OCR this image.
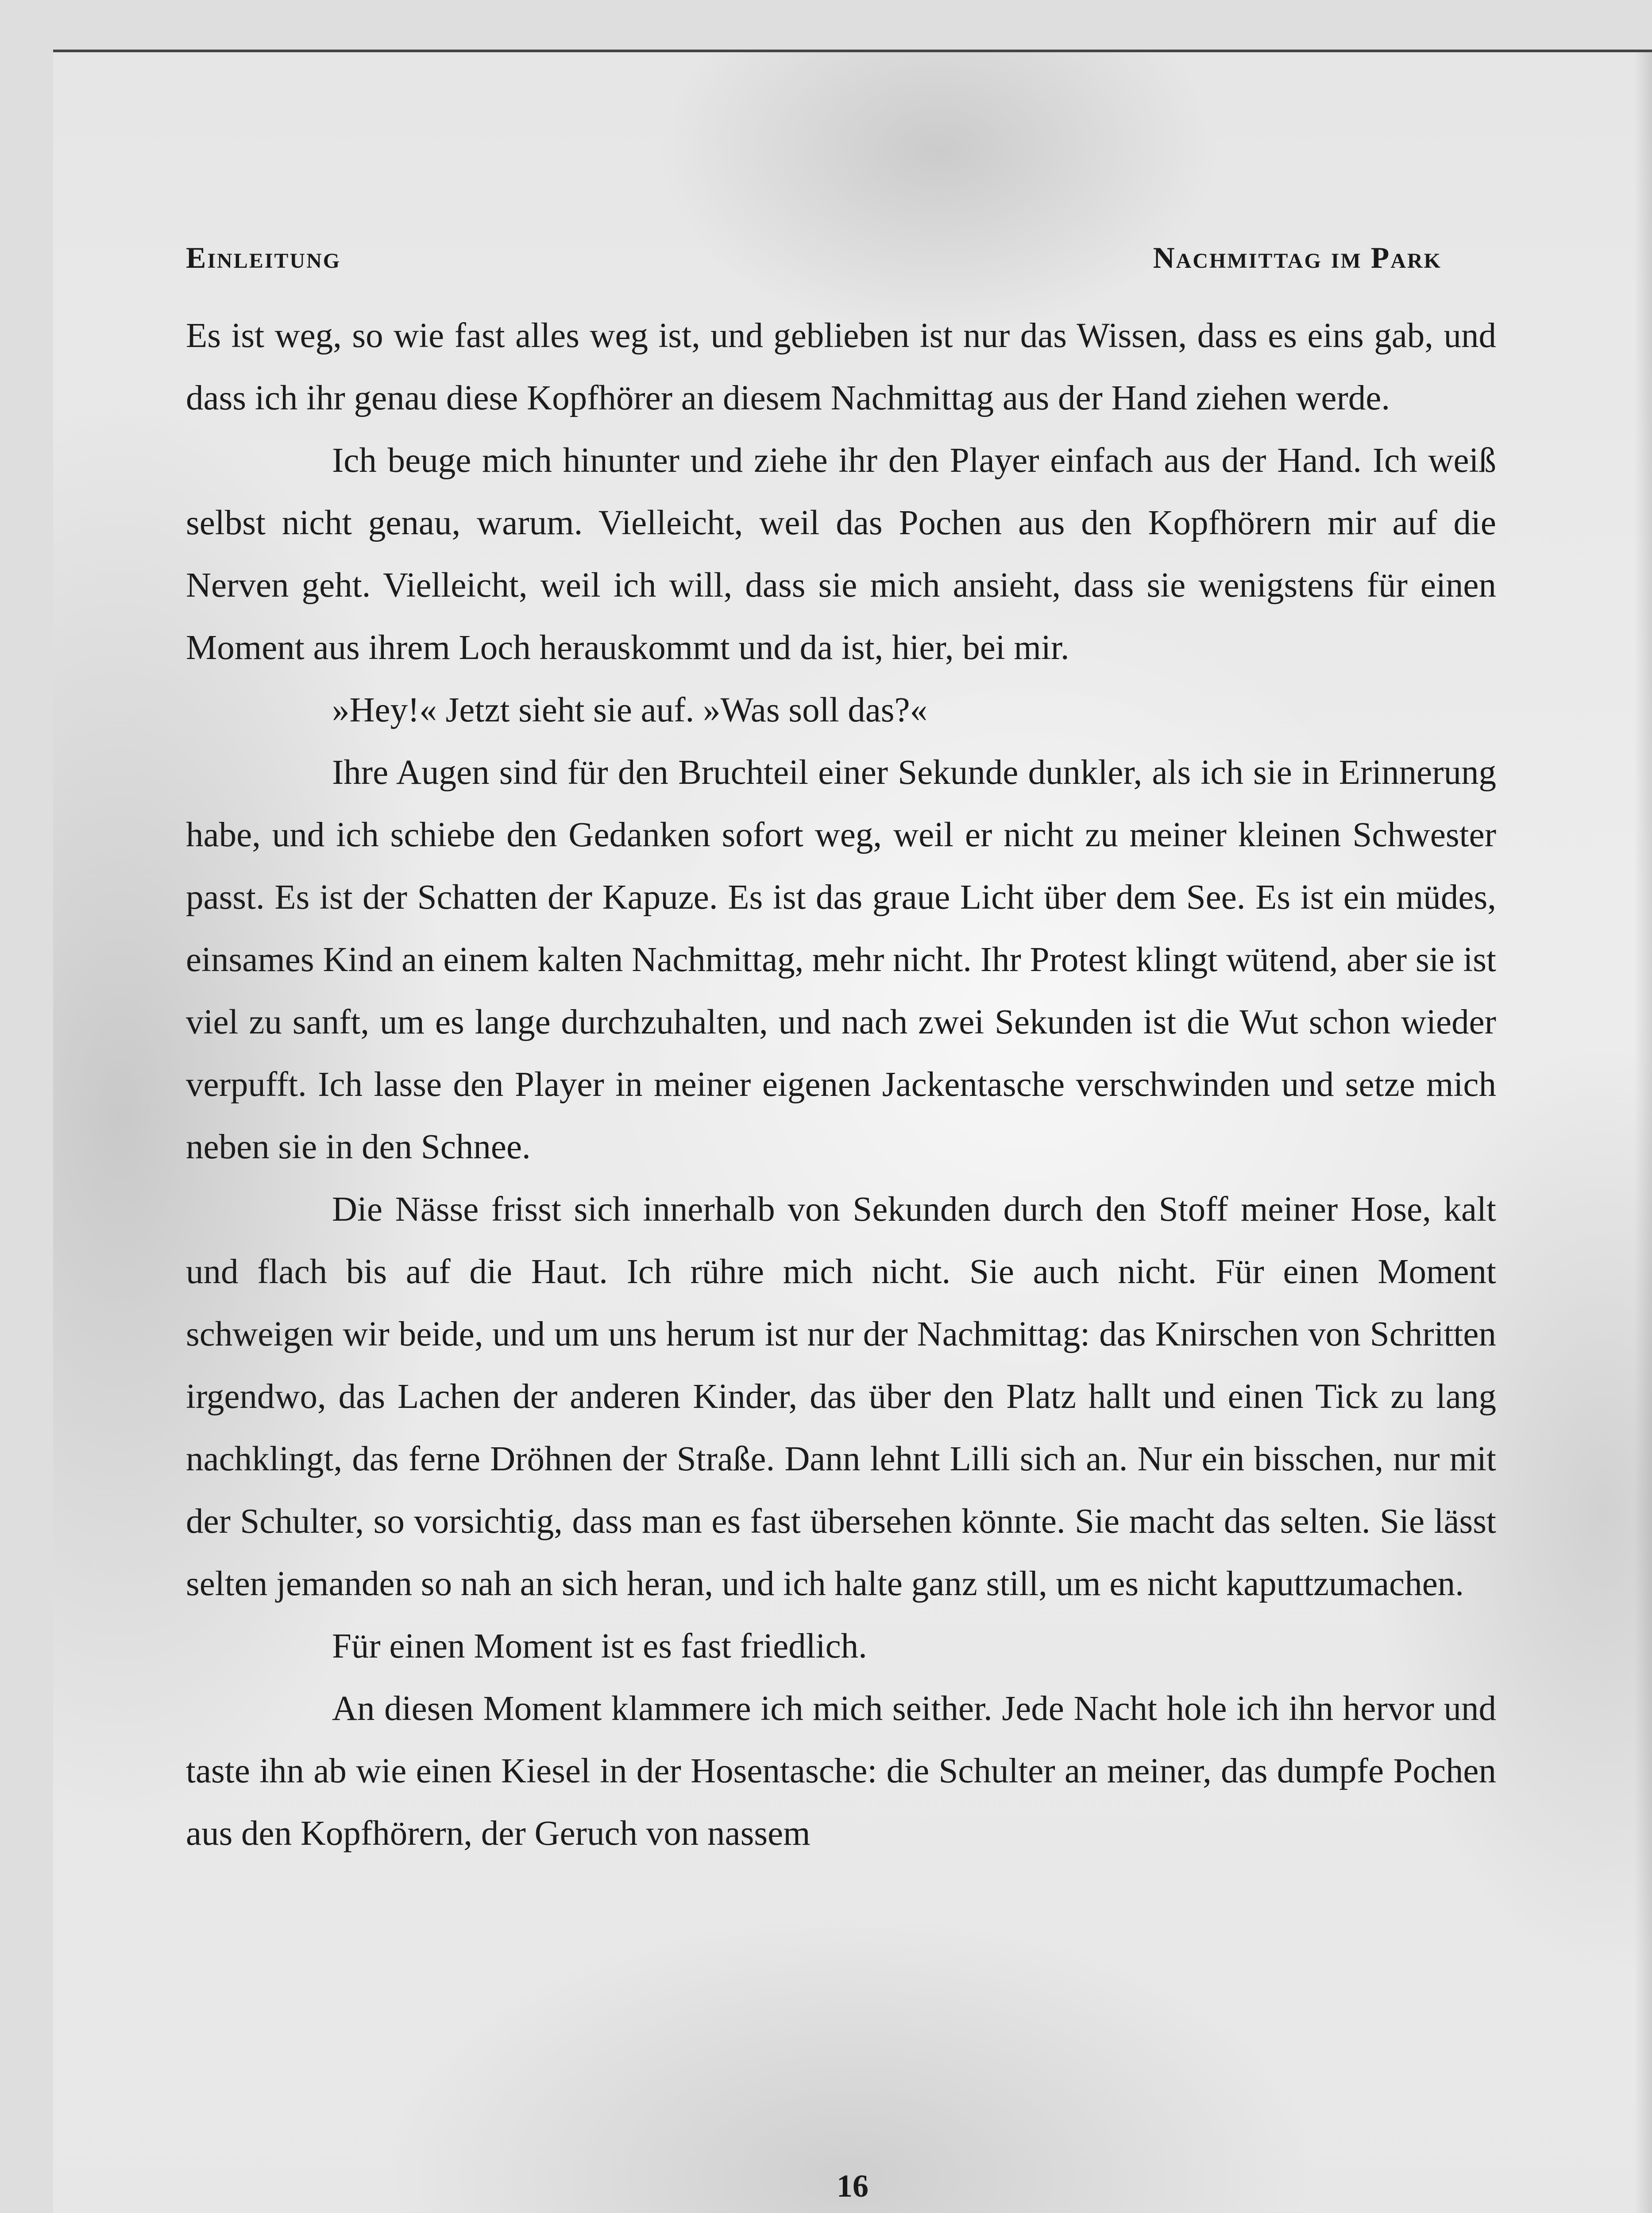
Einleitung	Nachmittag im Park

Es ist weg, so wie fast alles weg ist, und geblieben ist nur das Wissen, dass es eins gab, und dass ich ihr genau diese Kopfhörer an diesem Nachmittag aus der Hand ziehen werde.

Ich beuge mich hinunter und ziehe ihr den Player einfach aus der Hand. Ich weiß selbst nicht genau, warum. Vielleicht, weil das Pochen aus den Kopfhörern mir auf die Nerven geht. Vielleicht, weil ich will, dass sie mich ansieht, dass sie wenigstens für einen Moment aus ihrem Loch herauskommt und da ist, hier, bei mir.

»Hey!« Jetzt sieht sie auf. »Was soll das?«

Ihre Augen sind für den Bruchteil einer Sekunde dunkler, als ich sie in Erinnerung habe, und ich schiebe den Gedanken sofort weg, weil er nicht zu meiner kleinen Schwester passt. Es ist der Schatten der Kapuze. Es ist das graue Licht über dem See. Es ist ein müdes, einsames Kind an einem kalten Nachmittag, mehr nicht. Ihr Protest klingt wütend, aber sie ist viel zu sanft, um es lange durchzuhalten, und nach zwei Sekunden ist die Wut schon wieder verpufft. Ich lasse den Player in meiner eigenen Jackentasche verschwinden und setze mich neben sie in den Schnee.

Die Nässe frisst sich innerhalb von Sekunden durch den Stoff meiner Hose, kalt und flach bis auf die Haut. Ich rühre mich nicht. Sie auch nicht. Für einen Moment schweigen wir beide, und um uns herum ist nur der Nachmittag: das Knirschen von Schritten irgendwo, das Lachen der anderen Kinder, das über den Platz hallt und einen Tick zu lang nachklingt, das ferne Dröhnen der Straße. Dann lehnt Lilli sich an. Nur ein bisschen, nur mit der Schulter, so vorsichtig, dass man es fast übersehen könnte. Sie macht das selten. Sie lässt selten jemanden so nah an sich heran, und ich halte ganz still, um es nicht kaputtzumachen.

Für einen Moment ist es fast friedlich.

An diesen Moment klammere ich mich seither. Jede Nacht hole ich ihn hervor und taste ihn ab wie einen Kiesel in der Hosentasche: die Schulter an meiner, das dumpfe Pochen aus den Kopfhörern, der Geruch von nassem

16
